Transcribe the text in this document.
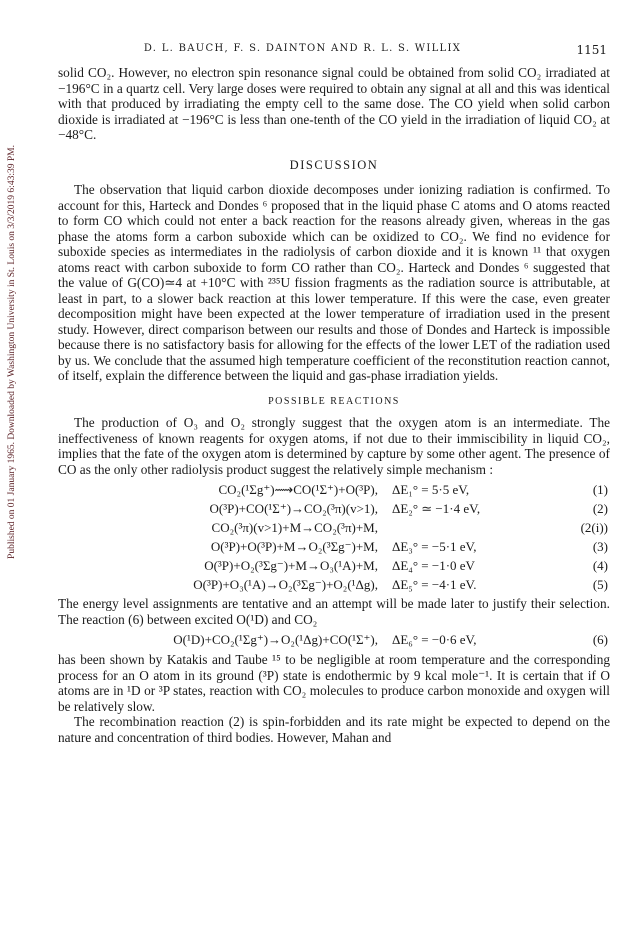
Published on 01 January 1965. Downloaded by Washington University in St. Louis on 3/3/2019 6:43:39 PM.
D. L. BAUCH, F. S. DAINTON AND R. L. S. WILLIX	1151

solid CO₂. However, no electron spin resonance signal could be obtained from solid CO₂ irradiated at −196°C in a quartz cell. Very large doses were required to obtain any signal at all and this was identical with that produced by irradiating the empty cell to the same dose. The CO yield when solid carbon dioxide is irradiated at −196°C is less than one-tenth of the CO yield in the irradiation of liquid CO₂ at −48°C.

DISCUSSION

The observation that liquid carbon dioxide decomposes under ionizing radiation is confirmed. To account for this, Harteck and Dondes ⁶ proposed that in the liquid phase C atoms and O atoms reacted to form CO which could not enter a back reaction for the reasons already given, whereas in the gas phase the atoms form a carbon suboxide which can be oxidized to CO₂. We find no evidence for suboxide species as intermediates in the radiolysis of carbon dioxide and it is known ¹¹ that oxygen atoms react with carbon suboxide to form CO rather than CO₂. Harteck and Dondes ⁶ suggested that the value of G(CO)≃4 at +10°C with ²³⁵U fission fragments as the radiation source is attributable, at least in part, to a slower back reaction at this lower temperature. If this were the case, even greater decomposition might have been expected at the lower temperature of irradiation used in the present study. However, direct comparison between our results and those of Dondes and Harteck is impossible because there is no satisfactory basis for allowing for the effects of the lower LET of the radiation used by us. We conclude that the assumed high temperature coefficient of the reconstitution reaction cannot, of itself, explain the difference between the liquid and gas-phase irradiation yields.

POSSIBLE REACTIONS

The production of O₃ and O₂ strongly suggest that the oxygen atom is an intermediate. The ineffectiveness of known reagents for oxygen atoms, if not due to their immiscibility in liquid CO₂, implies that the fate of the oxygen atom is determined by capture by some other agent. The presence of CO as the only other radiolysis product suggest the relatively simple mechanism :

CO₂(¹Σg⁺)⟿CO(¹Σ⁺)+O(³P), ΔE₁° = 5·5 eV,	(1)
O(³P)+CO(¹Σ⁺)→CO₂(³π)(v>1), ΔE₂° ≃ −1·4 eV,	(2)
CO₂(³π)(v>1)+M→CO₂(³π)+M,	(2(i))
O(³P)+O(³P)+M→O₂(³Σg⁻)+M, ΔE₃° = −5·1 eV,	(3)
O(³P)+O₂(³Σg⁻)+M→O₃(¹A)+M, ΔE₄° = −1·0 eV	(4)
O(³P)+O₃(¹A)→O₂(³Σg⁻)+O₂(¹Δg), ΔE₅° = −4·1 eV.	(5)

The energy level assignments are tentative and an attempt will be made later to justify their selection. The reaction (6) between excited O(¹D) and CO₂

O(¹D)+CO₂(¹Σg⁺)→O₂(¹Δg)+CO(¹Σ⁺), ΔE₆° = −0·6 eV,	(6)

has been shown by Katakis and Taube ¹⁵ to be negligible at room temperature and the corresponding process for an O atom in its ground (³P) state is endothermic by 9 kcal mole⁻¹. It is certain that if O atoms are in ¹D or ³P states, reaction with CO₂ molecules to produce carbon monoxide and oxygen will be relatively slow.

The recombination reaction (2) is spin-forbidden and its rate might be expected to depend on the nature and concentration of third bodies. However, Mahan and
